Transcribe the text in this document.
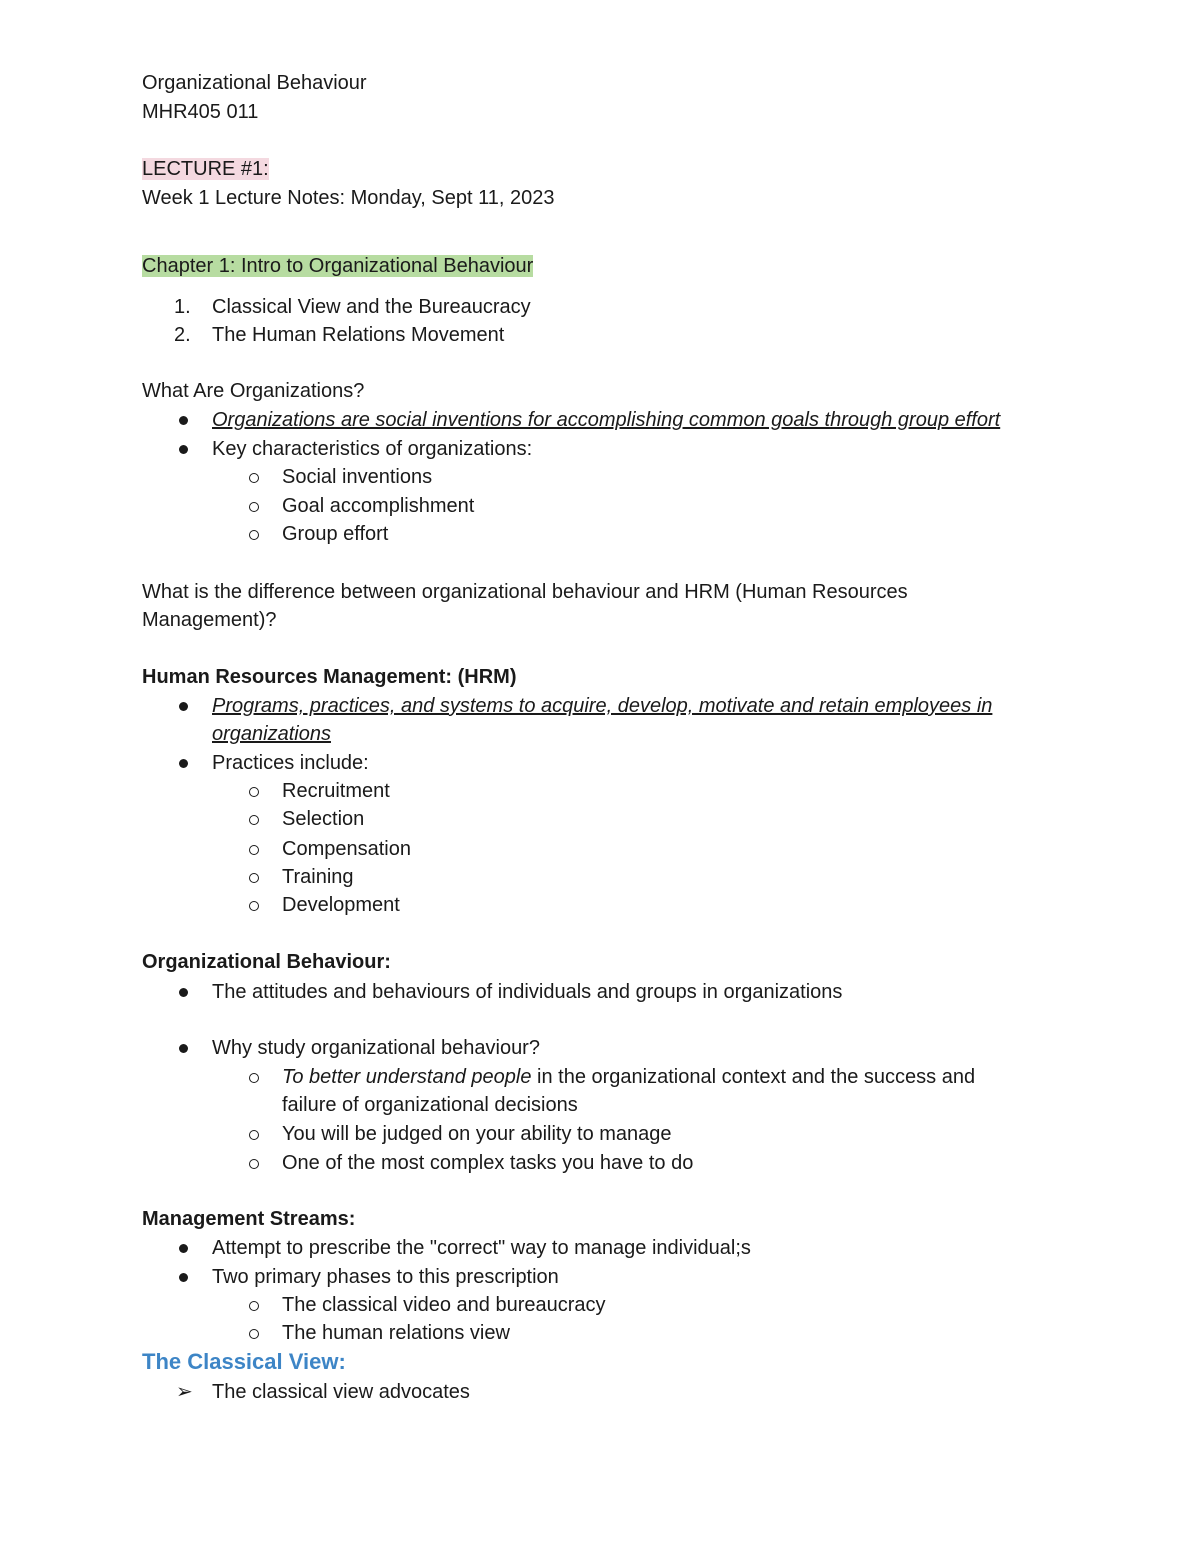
Organizational Behaviour
MHR405 011
LECTURE #1:
Week 1 Lecture Notes: Monday, Sept 11, 2023
Chapter 1: Intro to Organizational Behaviour
1. Classical View and the Bureaucracy
2. The Human Relations Movement
What Are Organizations?
Organizations are social inventions for accomplishing common goals through group effort
Key characteristics of organizations:
Social inventions
Goal accomplishment
Group effort
What is the difference between organizational behaviour and HRM (Human Resources
Management)?
Human Resources Management: (HRM)
Programs, practices, and systems to acquire, develop, motivate and retain employees in
organizations
Practices include:
Recruitment
Selection
Compensation
Training
Development
Organizational Behaviour:
The attitudes and behaviours of individuals and groups in organizations
Why study organizational behaviour?
To better understand people in the organizational context and the success and
failure of organizational decisions
You will be judged on your ability to manage
One of the most complex tasks you have to do
Management Streams:
Attempt to prescribe the "correct" way to manage individual;s
Two primary phases to this prescription
The classical video and bureaucracy
The human relations view
The Classical View:
➢ The classical view advocates
